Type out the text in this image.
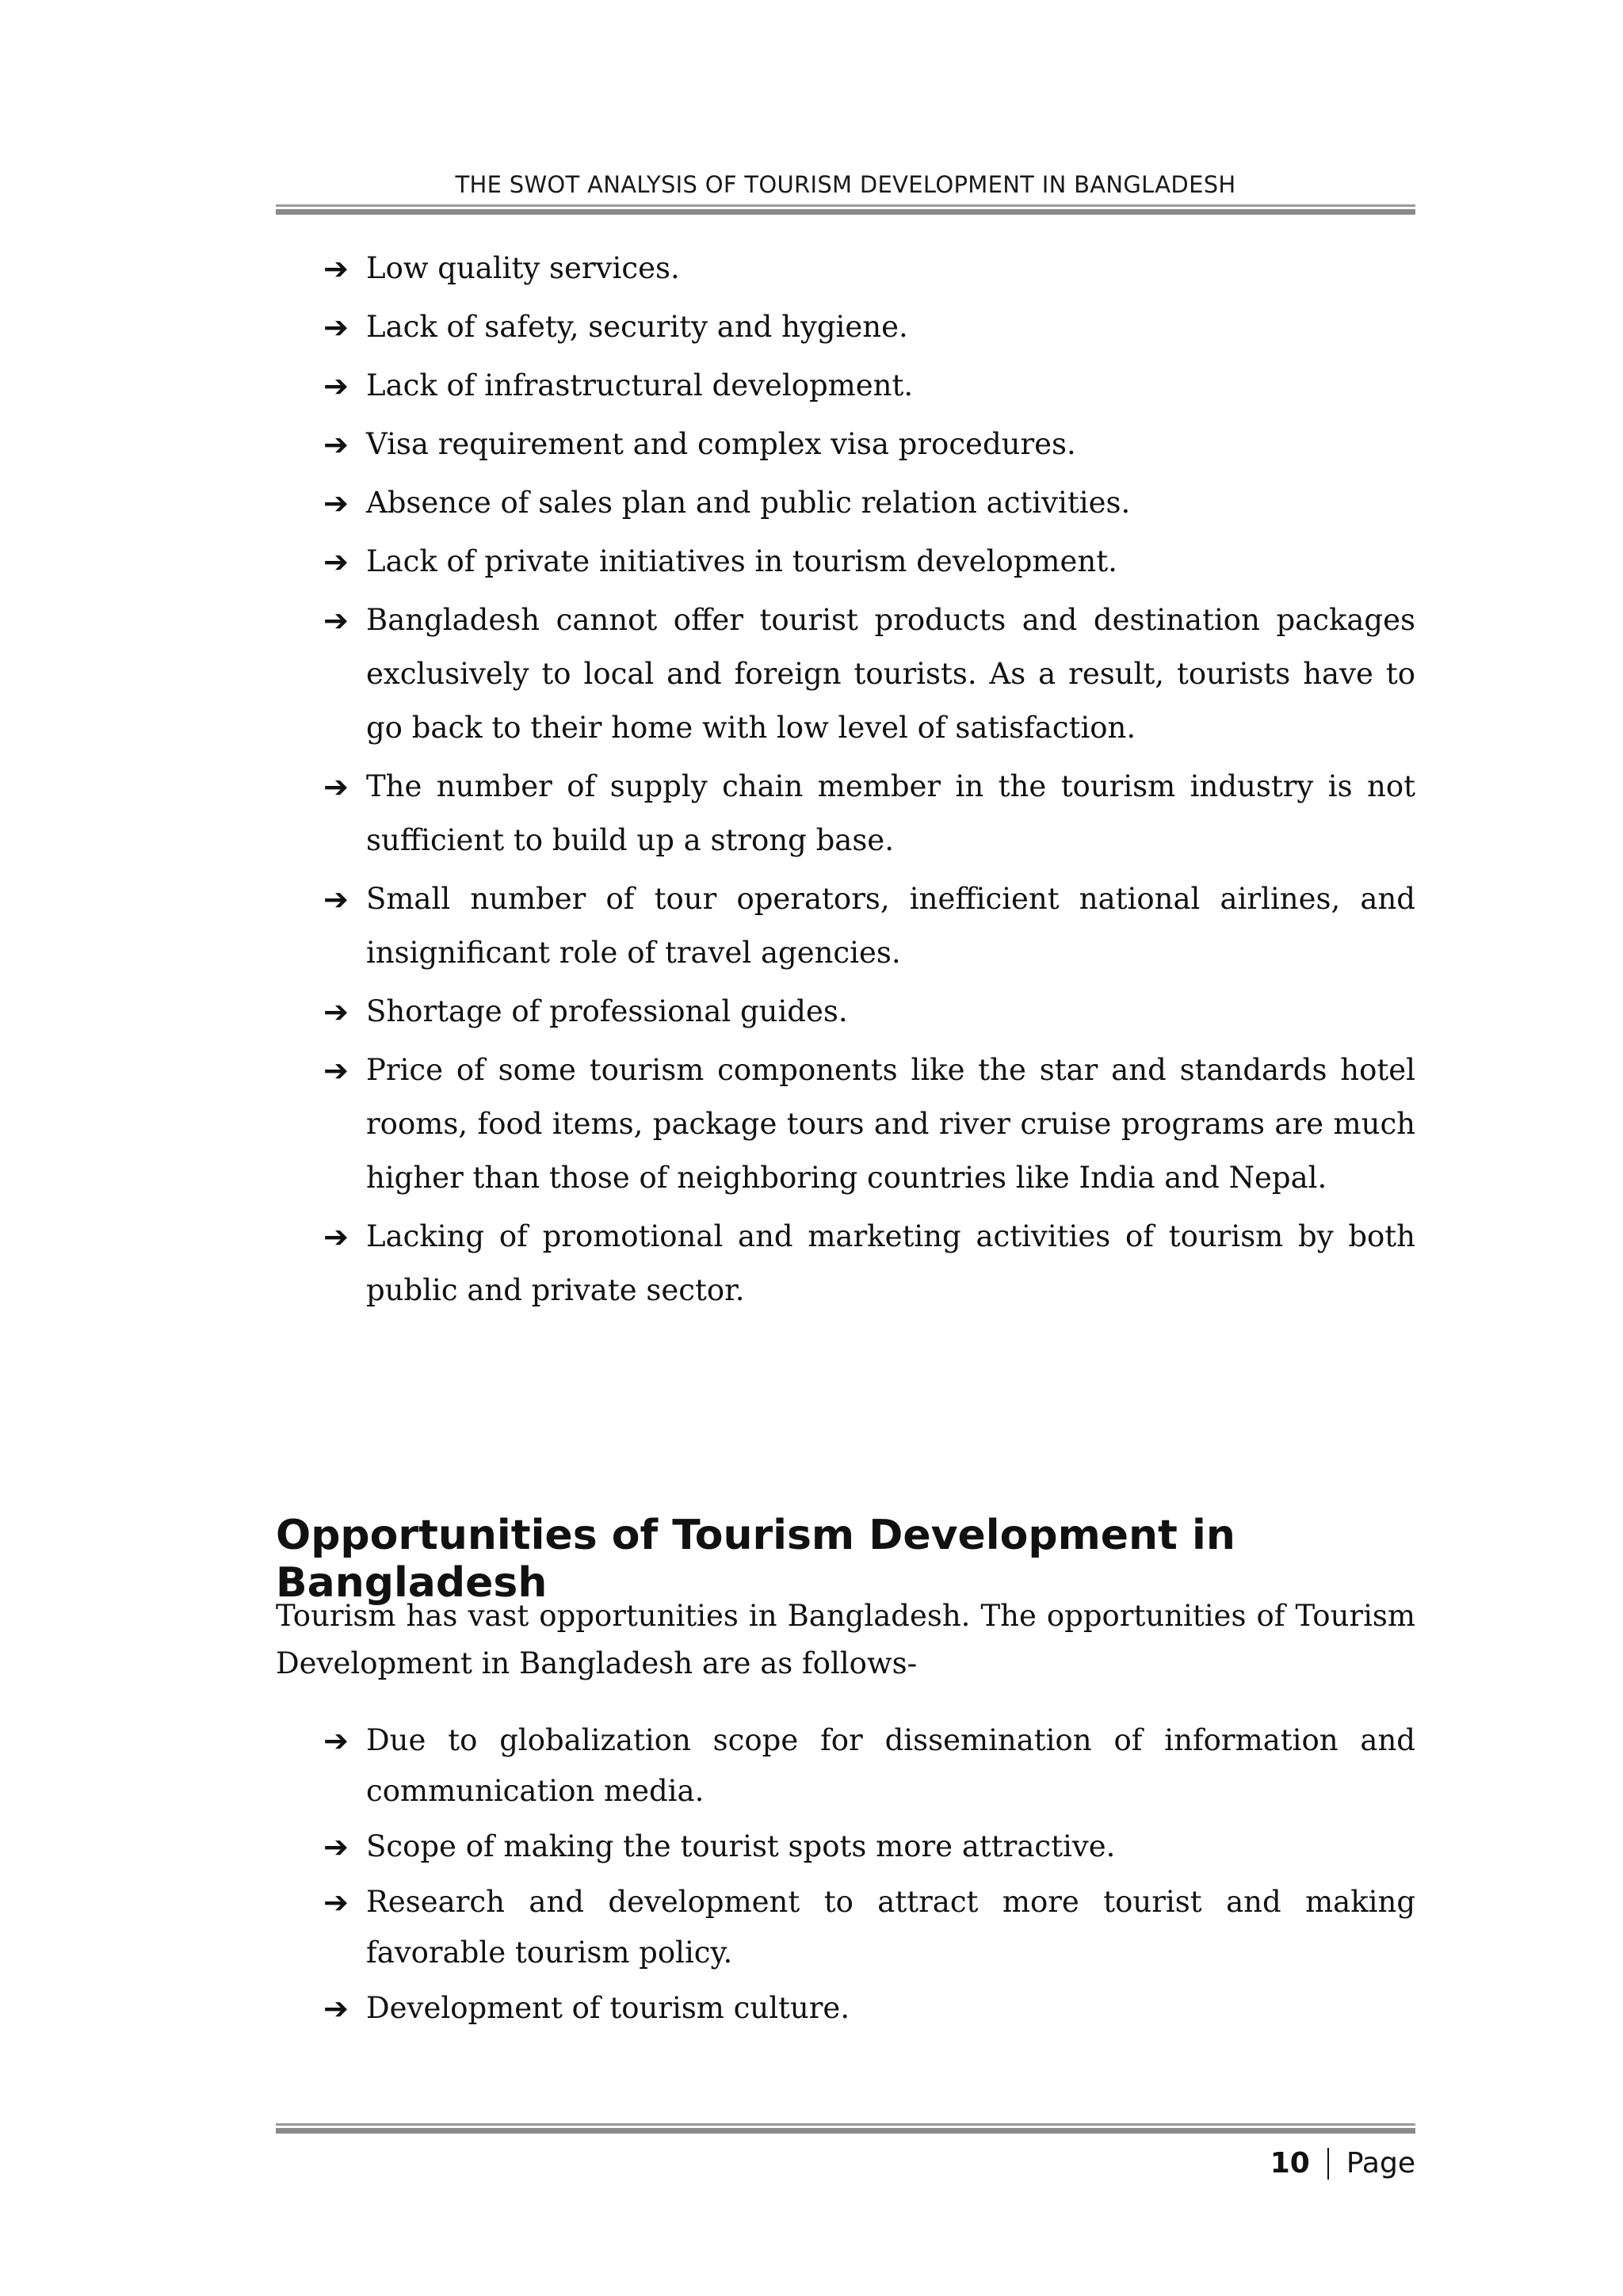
THE SWOT ANALYSIS OF TOURISM DEVELOPMENT IN BANGLADESH
➔ Low quality services.
➔ Lack of safety, security and hygiene.
➔ Lack of infrastructural development.
➔ Visa requirement and complex visa procedures.
➔ Absence of sales plan and public relation activities.
➔ Lack of private initiatives in tourism development.
➔ Bangladesh cannot offer tourist products and destination packages exclusively to local and foreign tourists. As a result, tourists have to go back to their home with low level of satisfaction.
➔ The number of supply chain member in the tourism industry is not sufficient to build up a strong base.
➔ Small number of tour operators, inefficient national airlines, and insignificant role of travel agencies.
➔ Shortage of professional guides.
➔ Price of some tourism components like the star and standards hotel rooms, food items, package tours and river cruise programs are much higher than those of neighboring countries like India and Nepal.
➔ Lacking of promotional and marketing activities of tourism by both public and private sector.
Opportunities of Tourism Development in Bangladesh

Tourism has vast opportunities in Bangladesh. The opportunities of Tourism Development in Bangladesh are as follows-

➔ Due to globalization scope for dissemination of information and communication media.
➔ Scope of making the tourist spots more attractive.
➔ Research and development to attract more tourist and making favorable tourism policy.
➔ Development of tourism culture.
10 Page
